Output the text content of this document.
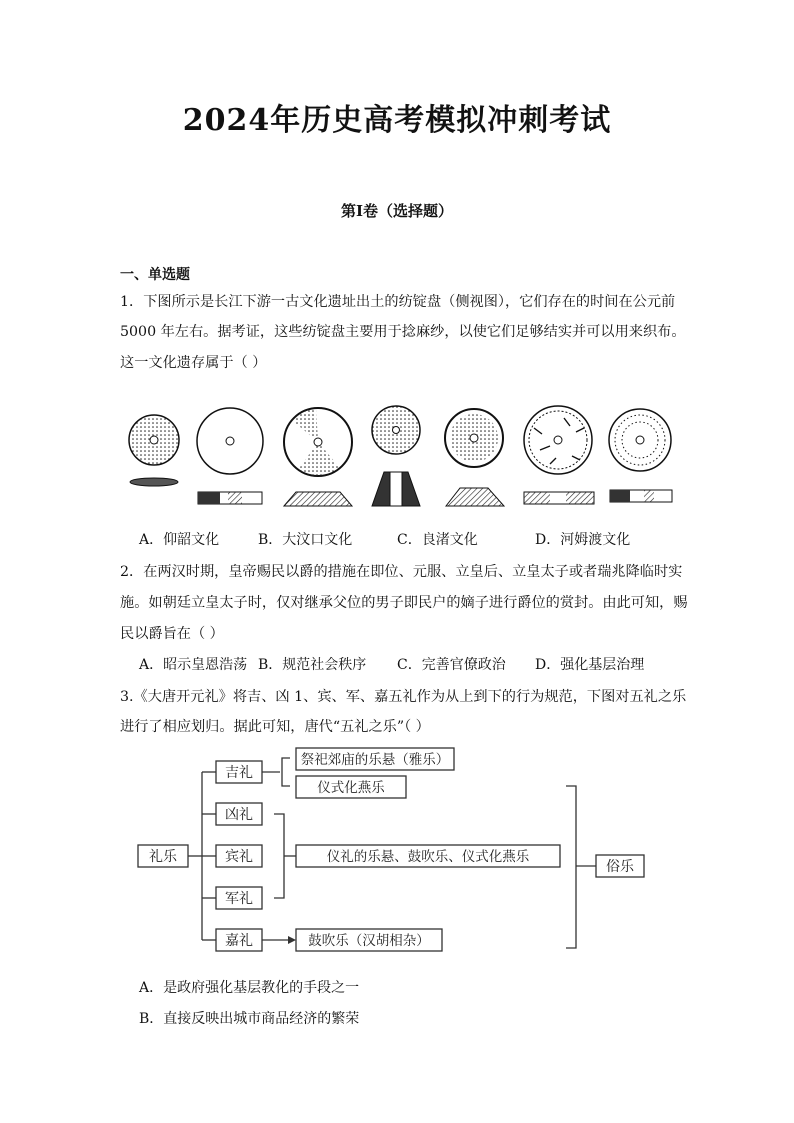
2024年历史高考模拟冲刺考试
第Ⅰ卷（选择题）
一、单选题
1．下图所示是长江下游一古文化遗址出土的纺锭盘（侧视图），它们存在的时间在公元前
5000 年左右。据考证，这些纺锭盘主要用于捻麻纱，以使它们足够结实并可以用来织布。
这一文化遗存属于（ ）
A．仰韶文化	B．大汶口文化	C．良渚文化	D．河姆渡文化
2．在两汉时期，皇帝赐民以爵的措施在即位、元服、立皇后、立皇太子或者瑞兆降临时实
施。如朝廷立皇太子时，仅对继承父位的男子即民户的嫡子进行爵位的赏封。由此可知，赐
民以爵旨在（ ）
A．昭示皇恩浩荡 B．规范社会秩序 C．完善官僚政治 D．强化基层治理
3.《大唐开元礼》将吉、凶 1、宾、军、嘉五礼作为从上到下的行为规范，下图对五礼之乐
进行了相应划归。据此可知，唐代“五礼之乐”（ ）
礼乐
吉礼
凶礼
宾礼
军礼
嘉礼
祭祀郊庙的乐悬（雅乐）
仪式化燕乐
仪礼的乐悬、鼓吹乐、仪式化燕乐
鼓吹乐（汉胡相杂）
俗乐
A．是政府强化基层教化的手段之一
B．直接反映出城市商品经济的繁荣
